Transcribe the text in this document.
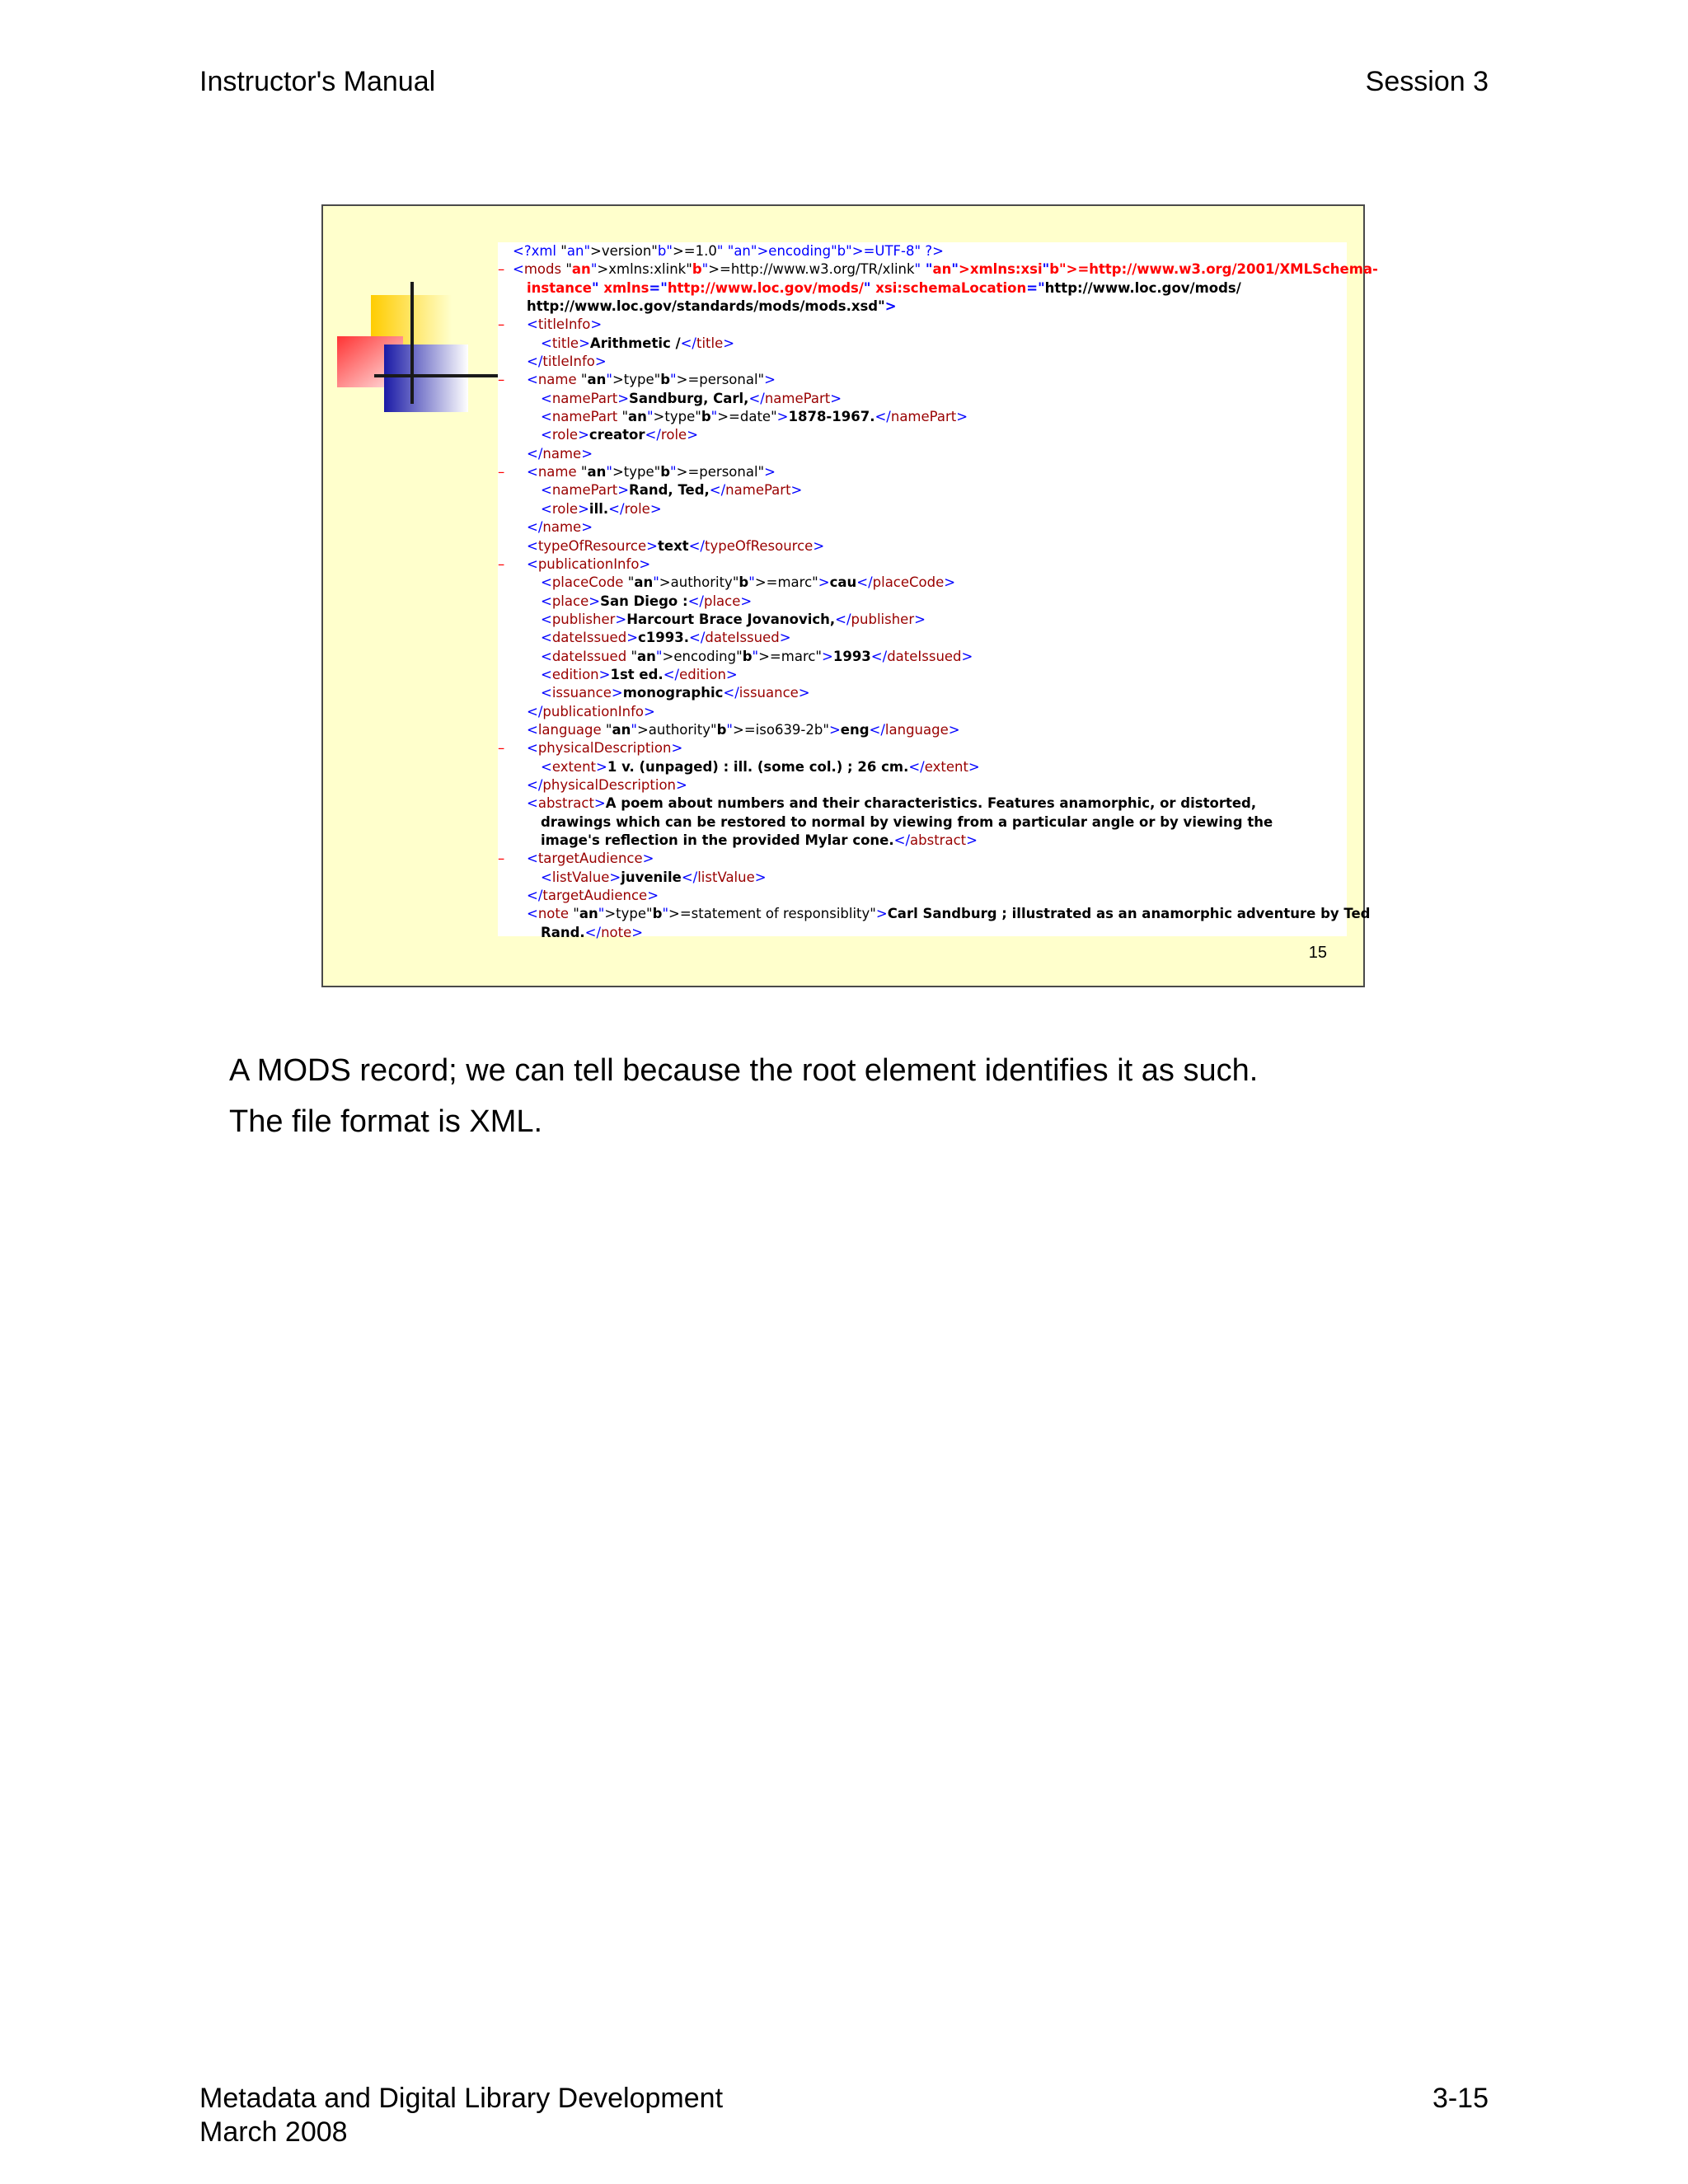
Instructor's Manual	Session 3
<?xml "an">version"b">=1.0" "an">encoding"b">=UTF-8" ?>
– <mods "an">xmlns:xlink"b">=http://www.w3.org/TR/xlink" "an">xmlns:xsi"b">=http://www.w3.org/2001/XMLSchema-
instance" xmlns="http://www.loc.gov/mods/" xsi:schemaLocation="http://www.loc.gov/mods/
http://www.loc.gov/standards/mods/mods.xsd">
– <titleInfo>
<title>Arithmetic /</title>
</titleInfo>
– <name "an">type"b">=personal">
<namePart>Sandburg, Carl,</namePart>
<namePart "an">type"b">=date">1878-1967.</namePart>
<role>creator</role>
</name>
– <name "an">type"b">=personal">
<namePart>Rand, Ted,</namePart>
<role>ill.</role>
</name>
<typeOfResource>text</typeOfResource>
– <publicationInfo>
<placeCode "an">authority"b">=marc">cau</placeCode>
<place>San Diego :</place>
<publisher>Harcourt Brace Jovanovich,</publisher>
<dateIssued>c1993.</dateIssued>
<dateIssued "an">encoding"b">=marc">1993</dateIssued>
<edition>1st ed.</edition>
<issuance>monographic</issuance>
</publicationInfo>
<language "an">authority"b">=iso639-2b">eng</language>
– <physicalDescription>
<extent>1 v. (unpaged) : ill. (some col.) ; 26 cm.</extent>
</physicalDescription>
<abstract>A poem about numbers and their characteristics. Features anamorphic, or distorted,
drawings which can be restored to normal by viewing from a particular angle or by viewing the
image's reflection in the provided Mylar cone.</abstract>
– <targetAudience>
<listValue>juvenile</listValue>
</targetAudience>
<note "an">type"b">=statement of responsiblity">Carl Sandburg ; illustrated as an anamorphic adventure by Ted
Rand.</note>
15
A MODS record; we can tell because the root element identifies it as such.
The file format is XML.
Metadata and Digital Library Development
March 2008
3-15
